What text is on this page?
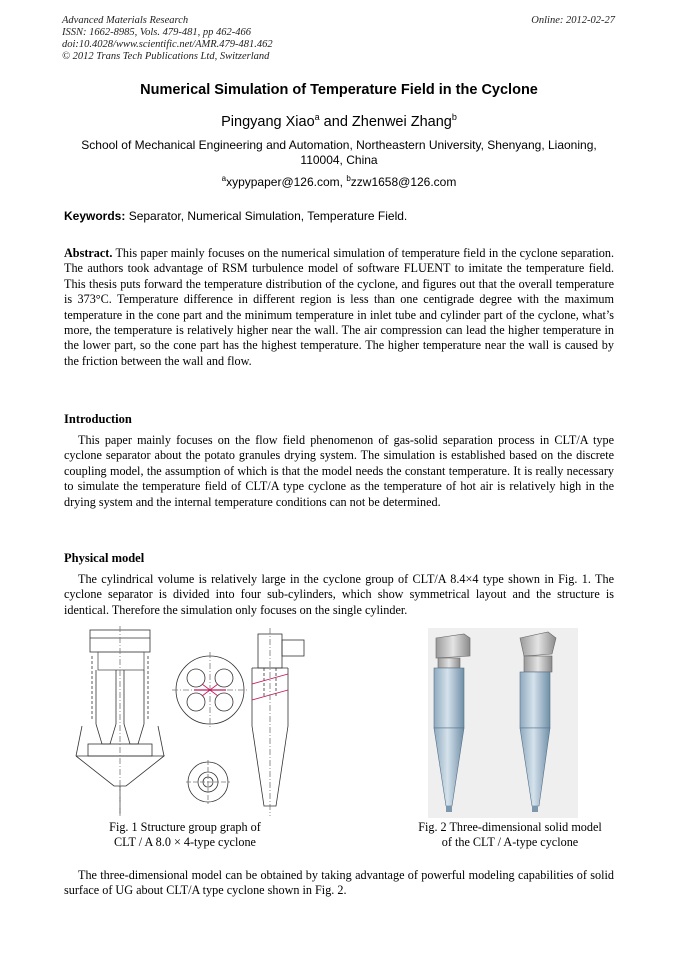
Advanced Materials Research
ISSN: 1662-8985, Vols. 479-481, pp 462-466
doi:10.4028/www.scientific.net/AMR.479-481.462
© 2012 Trans Tech Publications Ltd, Switzerland
Online: 2012-02-27
Numerical Simulation of Temperature Field in the Cyclone
Pingyang Xiao$^a$ and Zhenwei Zhang$^b$
School of Mechanical Engineering and Automation, Northeastern University, Shenyang, Liaoning, 110004, China
$^a$xypypaper@126.com, $^b$zzw1658@126.com
Keywords: Separator, Numerical Simulation, Temperature Field.

Abstract. This paper mainly focuses on the numerical simulation of temperature field in the cyclone separation. The authors took advantage of RSM turbulence model of software FLUENT to imitate the temperature field. This thesis puts forward the temperature distribution of the cyclone, and figures out that the overall temperature is 373°C. Temperature difference in different region is less than one centigrade degree with the maximum temperature in the cone part and the minimum temperature in inlet tube and cylinder part of the cyclone, what’s more, the temperature is relatively higher near the wall. The air compression can lead the higher temperature in the lower part, so the cone part has the highest temperature. The higher temperature near the wall is caused by the friction between the wall and flow.

Introduction

This paper mainly focuses on the flow field phenomenon of gas-solid separation process in CLT/A type cyclone separator about the potato granules drying system. The simulation is established based on the discrete coupling model, the assumption of which is that the model needs the constant temperature. It is really necessary to simulate the temperature field of CLT/A type cyclone as the temperature of hot air is relatively high in the drying system and the internal temperature conditions can not be determined.

Physical model

The cylindrical volume is relatively large in the cyclone group of CLT/A 8.4×4 type shown in Fig. 1. The cyclone separator is divided into four sub-cylinders, which show symmetrical layout and the structure is identical. Therefore the simulation only focuses on the single cylinder.

Fig. 1 Structure group graph of
CLT / A 8.0 × 4-type cyclone
Fig. 2 Three-dimensional solid model
of the CLT / A-type cyclone

The three-dimensional model can be obtained by taking advantage of powerful modeling capabilities of solid surface of UG about CLT/A type cyclone shown in Fig. 2.
